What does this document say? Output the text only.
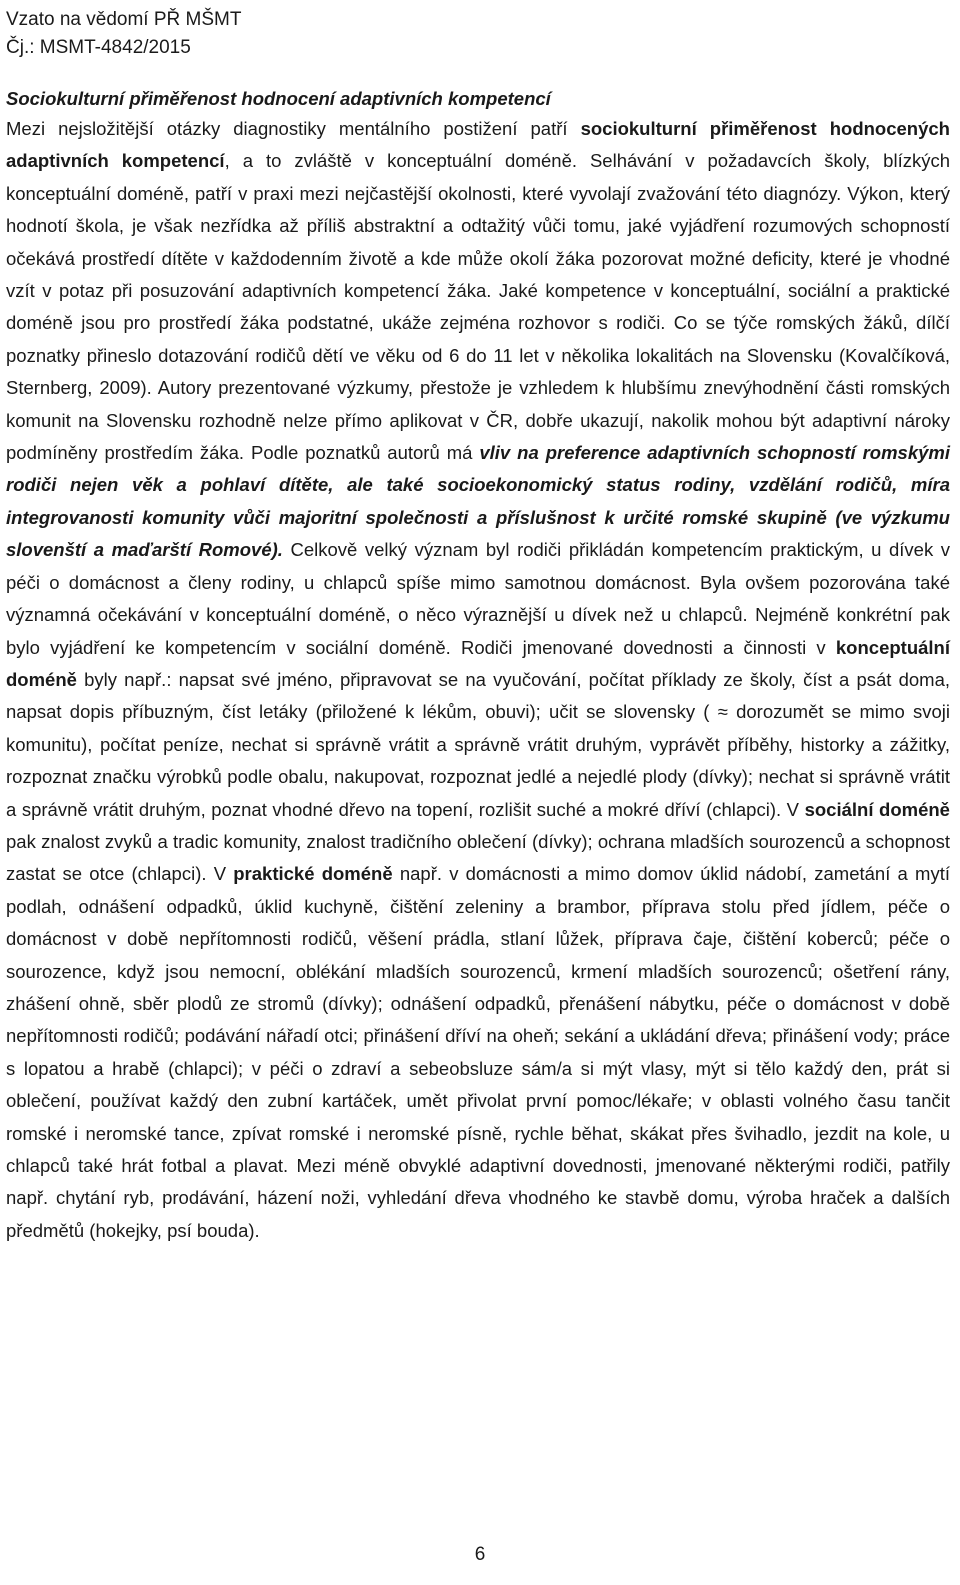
Vzato na vědomí PŘ MŠMT

Čj.: MSMT-4842/2015

Sociokulturní přiměřenost hodnocení adaptivních kompetencí

Mezi nejsložitější otázky diagnostiky mentálního postižení patří sociokulturní přiměřenost hodnocených adaptivních kompetencí, a to zvláště v konceptuální doméně. Selhávání v požadavcích školy, blízkých konceptuální doméně, patří v praxi mezi nejčastější okolnosti, které vyvolají zvažování této diagnózy. Výkon, který hodnotí škola, je však nezřídka až příliš abstraktní a odtažitý vůči tomu, jaké vyjádření rozumových schopností očekává prostředí dítěte v každodenním životě a kde může okolí žáka pozorovat možné deficity, které je vhodné vzít v potaz při posuzování adaptivních kompetencí žáka. Jaké kompetence v konceptuální, sociální a praktické doméně jsou pro prostředí žáka podstatné, ukáže zejména rozhovor s rodiči. Co se týče romských žáků, dílčí poznatky přineslo dotazování rodičů dětí ve věku od 6 do 11 let v několika lokalitách na Slovensku (Kovalčíková, Sternberg, 2009). Autory prezentované výzkumy, přestože je vzhledem k hlubšímu znevýhodnění části romských komunit na Slovensku rozhodně nelze přímo aplikovat v ČR, dobře ukazují, nakolik mohou být adaptivní nároky podmíněny prostředím žáka. Podle poznatků autorů má vliv na preference adaptivních schopností romskými rodiči nejen věk a pohlaví dítěte, ale také socioekonomický status rodiny, vzdělání rodičů, míra integrovanosti komunity vůči majoritní společnosti a příslušnost k určité romské skupině (ve výzkumu slovenští a maďarští Romové). Celkově velký význam byl rodiči přikládán kompetencím praktickým, u dívek v péči o domácnost a členy rodiny, u chlapců spíše mimo samotnou domácnost. Byla ovšem pozorována také významná očekávání v konceptuální doméně, o něco výraznější u dívek než u chlapců. Nejméně konkrétní pak bylo vyjádření ke kompetencím v sociální doméně. Rodiči jmenované dovednosti a činnosti v konceptuální doméně byly např.: napsat své jméno, připravovat se na vyučování, počítat příklady ze školy, číst a psát doma, napsat dopis příbuzným, číst letáky (přiložené k lékům, obuvi); učit se slovensky ( ≈ dorozumět se mimo svoji komunitu), počítat peníze, nechat si správně vrátit a správně vrátit druhým, vyprávět příběhy, historky a zážitky, rozpoznat značku výrobků podle obalu, nakupovat, rozpoznat jedlé a nejedlé plody (dívky); nechat si správně vrátit a správně vrátit druhým, poznat vhodné dřevo na topení, rozlišit suché a mokré dříví (chlapci). V sociální doméně pak znalost zvyků a tradic komunity, znalost tradičního oblečení (dívky); ochrana mladších sourozenců a schopnost zastat se otce (chlapci). V praktické doméně např. v domácnosti a mimo domov úklid nádobí, zametání a mytí podlah, odnášení odpadků, úklid kuchyně, čištění zeleniny a brambor, příprava stolu před jídlem, péče o domácnost v době nepřítomnosti rodičů, věšení prádla, stlaní lůžek, příprava čaje, čištění koberců; péče o sourozence, když jsou nemocní, oblékání mladších sourozenců, krmení mladších sourozenců; ošetření rány, zhášení ohně, sběr plodů ze stromů (dívky); odnášení odpadků, přenášení nábytku, péče o domácnost v době nepřítomnosti rodičů; podávání nářadí otci; přinášení dříví na oheň; sekání a ukládání dřeva; přinášení vody; práce s lopatou a hrabě (chlapci); v péči o zdraví a sebeobsluze sám/a si mýt vlasy, mýt si tělo každý den, prát si oblečení, používat každý den zubní kartáček, umět přivolat první pomoc/lékaře; v oblasti volného času tančit romské i neromské tance, zpívat romské i neromské písně, rychle běhat, skákat přes švihadlo, jezdit na kole, u chlapců také hrát fotbal a plavat. Mezi méně obvyklé adaptivní dovednosti, jmenované některými rodiči, patřily např. chytání ryb, prodávání, házení noži, vyhledání dřeva vhodného ke stavbě domu, výroba hraček a dalších předmětů (hokejky, psí bouda).

6
